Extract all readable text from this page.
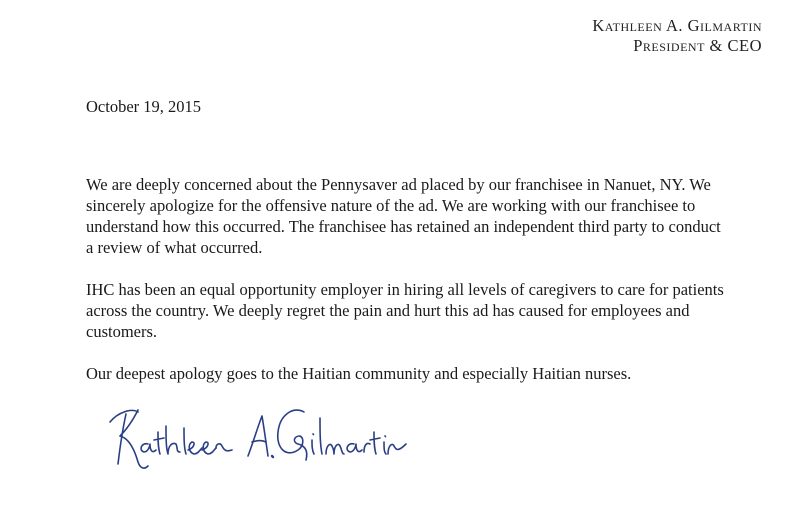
Kathleen A. Gilmartin
President & CEO
October 19, 2015

We are deeply concerned about the Pennysaver ad placed by our franchisee in Nanuet, NY. We sincerely apologize for the offensive nature of the ad. We are working with our franchisee to understand how this occurred. The franchisee has retained an independent third party to conduct a review of what occurred.

IHC has been an equal opportunity employer in hiring all levels of caregivers to care for patients across the country. We deeply regret the pain and hurt this ad has caused for employees and customers.

Our deepest apology goes to the Haitian community and especially Haitian nurses.
